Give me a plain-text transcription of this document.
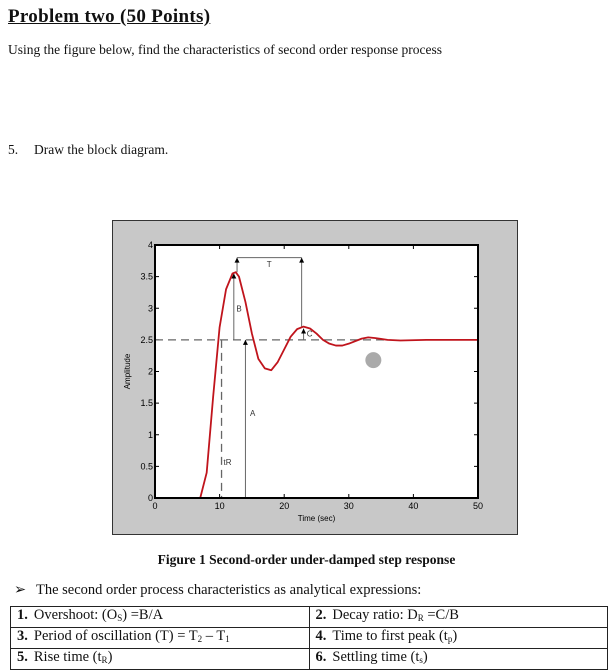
Problem two (50 Points)
Using the figure below, find the characteristics of second order response process
5. Draw the block diagram.
0	10	20	30	40	50
0
0.5
1
1.5
2
2.5
3
3.5
4
Time (sec)
Amplitude
T
B
C
A
tR
Figure 1 Second-order under-damped step response
➢ The second order process characteristics as analytical expressions:
1. Overshoot: $(O_S) =B/A$	2. Decay ratio: $D_R =C/B$
3. Period of oscillation $(T) = T_2 - T_1$	4. Time to first peak $(t_p)$
5. Rise time $(t_R)$	6. Settling time $(t_s)$
